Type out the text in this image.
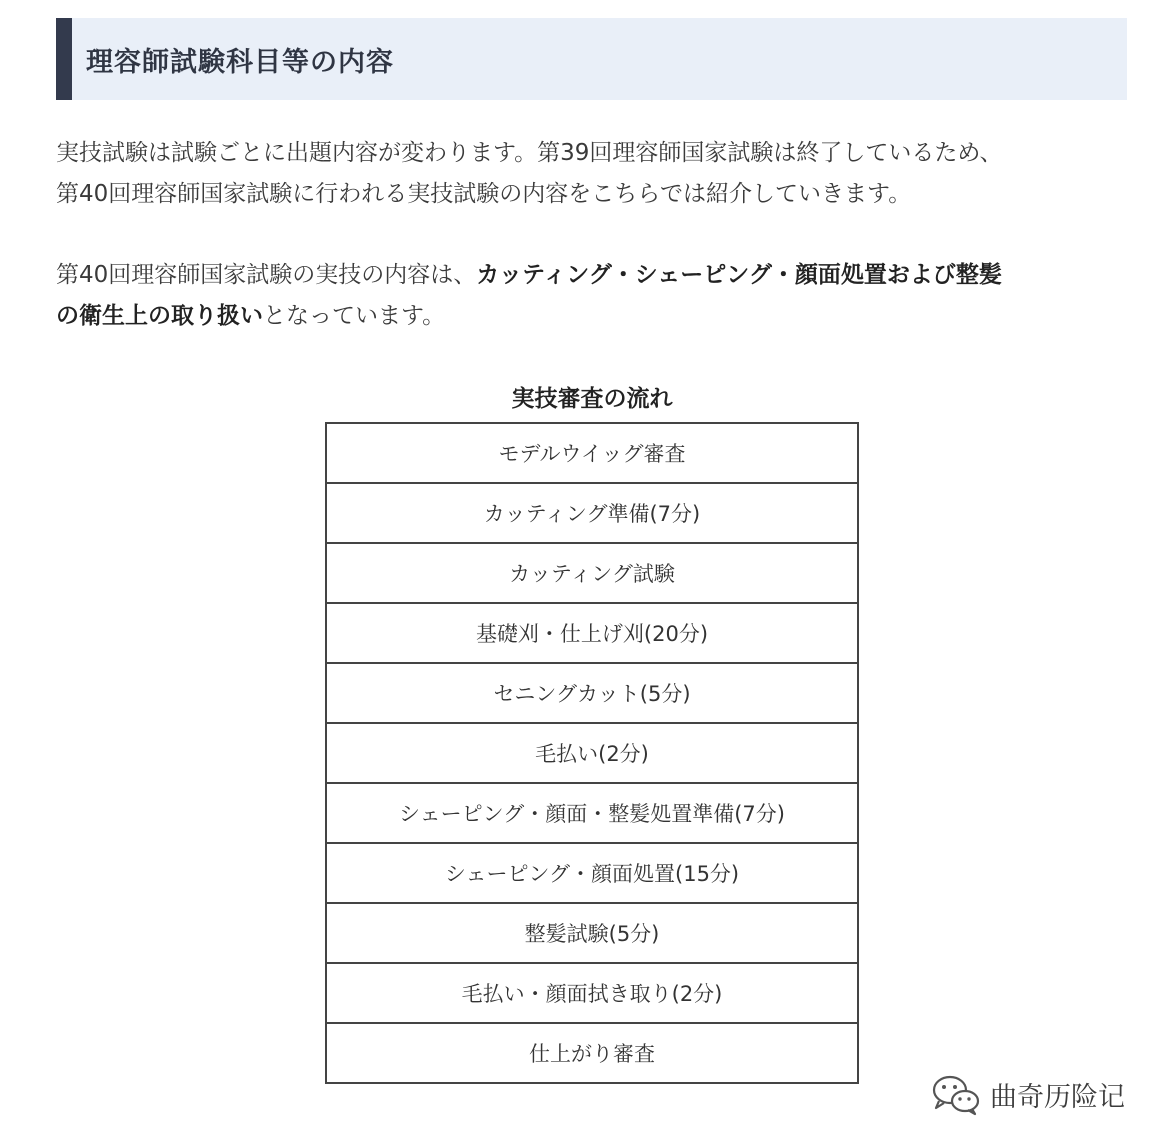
理容師試験科目等の内容
実技試験は試験ごとに出題内容が変わります。第39回理容師国家試験は終了しているため、
第40回理容師国家試験に行われる実技試験の内容をこちらでは紹介していきます。
第40回理容師国家試験の実技の内容は、カッティング・シェーピング・顔面処置および整髪
の衛生上の取り扱いとなっています。
実技審査の流れ
モデルウイッグ審査
カッティング準備(7分)
カッティング試験
基礎刈・仕上げ刈(20分)
セニングカット(5分)
毛払い(2分)
シェーピング・顔面・整髪処置準備(7分)
シェーピング・顔面処置(15分)
整髪試験(5分)
毛払い・顔面拭き取り(2分)
仕上がり審査
曲奇历险记
